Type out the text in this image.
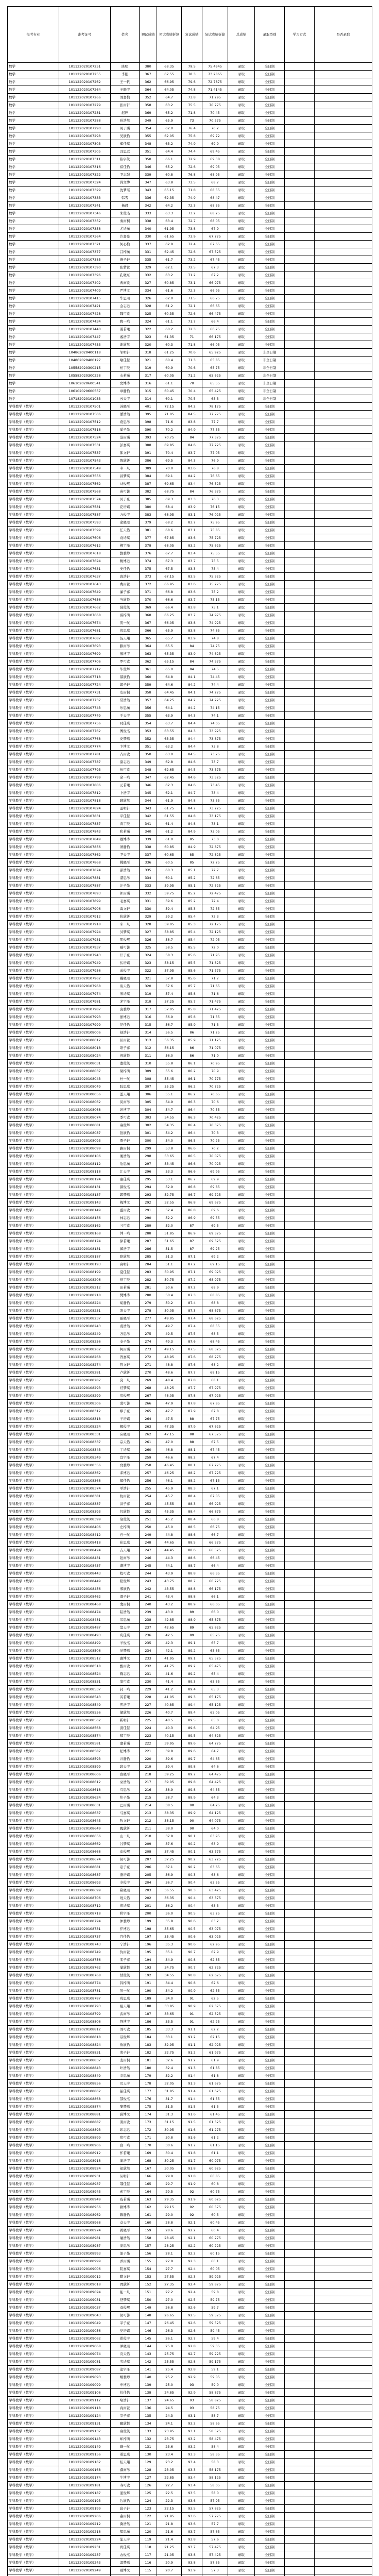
报考专业	准考证号	姓名	初试成绩	初试成绩折算	复试成绩	复试成绩折算	总成绩	录取类别	学习方式	是否录取
数学	101122020107251	陈明	380	68.35	79.5	75.4945	录取	全日制		
数学	101122020107255	李阳	367	67.55	78.3	73.2865	录取	全日制		
数学	101122020107262	王一帆	362	66.95	79.6	72.7875	录取	全日制		
数学	101122020107264	王晓宇	364	64.05	74.8	71.4145	录取	全日制		
数学	101122020107266	刘嘉怡	352	64.7	73.8	71.295	录取	全日制		
数学	101122020107279	张雨轩	358	63.2	75.5	70.775	录取	全日制		
数学	101122020107281	赵婷	369	65.2	71.8	70.45	录取	全日制		
数学	101122020107288	孙浩然	349	65.9	73	70.275	录取	全日制		
数学	101122020107290	周子涵	354	62.0	76.4	70.2	录取	全日制		
数学	101122020107298	吴欣怡	355	62.05	75.8	69.72	录取	全日制		
数学	101122020107303	郑佳琪	348	63.2	74.9	69.9	录取	全日制		
数学	101122020107305	冯思远	351	64.4	74.4	69.45	录取	全日制		
数学	101122020107311	陈宇航	350	66.1	72.9	69.38	录取	全日制		
数学	101122020107316	褚佳怡	346	65.2	72.6	69.05	录取	全日制		
数学	101122020107322	卫志强	339	60.8	76.8	68.95	录取	全日制		
数学	101122020107324	蒋文博	347	63.8	73.5	68.7	录取	全日制		
数学	101122020107329	沈梦瑶	343	65.15	71.8	68.55	录取	全日制		
数学	101122020107333	韩雪	336	62.35	74.9	68.47	录取	全日制		
数学	101122020107341	杨晨	342	64.2	72.3	68.35	录取	全日制		
数学	101122020107346	朱俊杰	333	63.3	73.2	68.25	录取	全日制		
数学	101122020107352	秦雨桐	338	63.4	72.7	68.05	录取	全日制		
数学	101122020107358	尤诗涵	340	61.95	73.8	67.9	录取	全日制		
数学	101122020107364	许嘉豪	330	61.65	73.9	67.775	录取	全日制		
数学	101122020107371	何心怡	337	62.9	72.4	67.65	录取	全日制		
数学	101122020107377	吕梓涵	331	62.45	72.6	67.525	录取	全日制		
数学	101122020107385	施子轩	335	61.7	73.2	67.45	录取	全日制		
数学	101122020107390	张紫萱	329	62.1	72.5	67.3	录取	全日制		
数学	101122020107396	孔晓东	332	63.2	71.2	67.2	录取	全日制		
数学	101122020107402	曹雨欣	327	60.85	73.1	66.975	录取	全日制		
数学	101122020107409	严博文	334	61.6	72.3	66.95	录取	全日制		
数学	101122020107415	华思雨	326	62.0	71.5	66.75	录取	全日制		
数学	101122020107421	金志远	328	61.2	72.1	66.65	录取	全日制		
数学	101122020107428	魏可欣	325	60.35	72.6	66.475	录取	全日制		
数学	101122020107434	陶一鸣	324	61.1	71.7	66.4	录取	全日制		
数学	101122020107440	姜若曦	322	60.2	72.3	66.25	录取	全日制		
数学	101122020107447	戚浩宇	323	61.35	71	66.175	录取	全日制		
数学	101122020107453	谢欣然	320	60.3	71.8	66.05	录取	全日制		
数学	104862020400118	邹明轩	318	61.25	70.6	65.925	录取	非全日制		
数学	104862020400127	喻佳慧	321	60.4	71.3	65.85	录取	非全日制		
数学	105582020300215	柏宇辰	319	60.9	70.6	65.75	录取	非全日制		
数学	105582020300228	水若涵	317	60.05	71.2	65.625	录取	非全日制		
数学	106102020600541	窦博涛	316	61.1	70	65.55	录取	非全日制		
数学	106102020600557	章静怡	315	60.45	70.4	65.425	录取	非全日制		
数学	107182020101033	云天宇	314	60.1	70.5	65.3	录取	非全日制		
学科教学（数学）	101122020107501	苏晓彤	401	72.15	84.2	78.175	录取	全日制		
学科教学（数学）	101122020107506	潘浩然	395	71.05	84.5	77.775	录取	全日制		
学科教学（数学）	101122020107512	葛思彤	398	71.6	83.8	77.7	录取	全日制		
学科教学（数学）	101122020107518	奚子墨	390	70.2	84.9	77.55	录取	全日制		
学科教学（数学）	101122020107524	范雨涵	393	70.75	84	77.375	录取	全日制		
学科教学（数学）	101122020107531	彭嘉琪	388	69.85	84.6	77.225	录取	全日制		
学科教学（数学）	101122020107537	郎文轩	391	70.4	83.7	77.05	录取	全日制		
学科教学（数学）	101122020107543	鲁欣妍	386	69.5	84.3	76.9	录取	全日制		
学科教学（数学）	101122020107549	韦一凡	389	70.0	83.6	76.8	录取	全日制		
学科教学（数学）	101122020107556	昌梦琪	384	69.1	84.2	76.65	录取	全日制		
学科教学（数学）	101122020107562	马俊熙	387	69.65	83.4	76.525	录取	全日制		
学科教学（数学）	101122020107568	苗可馨	382	68.75	84	76.375	录取	全日制		
学科教学（数学）	101122020107574	凤子豪	385	69.3	83.3	76.3	录取	全日制		
学科教学（数学）	101122020107581	花语嫣	380	68.4	83.9	76.15	录取	全日制		
学科教学（数学）	101122020107587	方俊宇	383	68.95	83.1	76.025	录取	全日制		
学科教学（数学）	101122020107593	俞晓雯	379	68.2	83.7	75.95	录取	全日制		
学科教学（数学）	101122020107599	任天佑	381	68.6	83.1	75.85	录取	全日制		
学科教学（数学）	101122020107606	袁诗琪	377	67.85	83.6	75.725	录取	全日制		
学科教学（数学）	101122020107612	柳宇泽	378	68.05	83.2	75.625	录取	全日制		
学科教学（数学）	101122020107618	酆雅婷	376	67.7	83.4	75.55	录取	全日制		
学科教学（数学）	101122020107624	鲍博远	374	67.3	83.7	75.5	录取	全日制		
学科教学（数学）	101122020107631	史佳怡	375	67.5	83.3	75.4	录取	全日制		
学科教学（数学）	101122020107637	唐浩轩	373	67.15	83.5	75.325	录取	全日制		
学科教学（数学）	101122020107643	费雨萱	372	66.95	83.6	75.275	录取	全日制		
学科教学（数学）	101122020107649	廉子骞	371	66.8	83.6	75.2	录取	全日制		
学科教学（数学）	101122020107656	岑欣悦	370	66.6	83.7	75.15	录取	全日制		
学科教学（数学）	101122020107662	薛俊凯	369	66.4	83.8	75.1	录取	全日制		
学科教学（数学）	101122020107668	雷梓萌	368	66.25	83.7	74.975	录取	全日制		
学科教学（数学）	101122020107674	贺一航	367	66.05	83.8	74.925	录取	全日制		
学科教学（数学）	101122020107681	倪思琪	366	65.9	83.8	74.85	录取	全日制		
学科教学（数学）	101122020107687	汤天翔	365	65.7	83.9	74.8	录取	全日制		
学科教学（数学）	101122020107693	滕雨彤	364	65.5	84	74.75	录取	全日制		
学科教学（数学）	101122020107699	殷博宇	363	65.35	83.9	74.625	录取	全日制		
学科教学（数学）	101122020107706	罗可欣	362	65.15	84	74.575	录取	全日制		
学科教学（数学）	101122020107712	毕俊辉	361	65.0	84	74.5	录取	全日制		
学科教学（数学）	101122020107718	郝欣怡	360	64.8	84.1	74.45	录取	全日制		
学科教学（数学）	101122020107724	邬子轩	359	64.6	84.2	74.4	录取	全日制		
学科教学（数学）	101122020107731	安雨桐	358	64.45	84.1	74.275	录取	全日制		
学科教学（数学）	101122020107737	常浩然	357	64.25	84.2	74.225	录取	全日制		
学科教学（数学）	101122020107743	乐思涵	356	64.1	84.2	74.15	录取	全日制		
学科教学（数学）	101122020107749	于天宇	355	63.9	84.3	74.1	录取	全日制		
学科教学（数学）	101122020107756	时佳琪	354	63.7	84.4	74.05	录取	全日制		
学科教学（数学）	101122020107762	傅俊杰	353	63.55	84.3	73.925	录取	全日制		
学科教学（数学）	101122020107768	皮梦瑶	352	63.35	84.4	73.875	录取	全日制		
学科教学（数学）	101122020107774	卞博文	351	63.2	84.4	73.8	录取	全日制		
学科教学（数学）	101122020107781	齐雨欣	350	63.0	84.5	73.75	录取	全日制		
学科教学（数学）	101122020107787	康志远	349	62.8	84.6	73.7	录取	全日制		
学科教学（数学）	101122020107793	伍可欣	348	62.65	84.5	73.575	录取	全日制		
学科教学（数学）	101122020107799	余一鸣	347	62.45	84.6	73.525	录取	全日制		
学科教学（数学）	101122020107806	元若曦	346	62.3	84.6	73.45	录取	全日制		
学科教学（数学）	101122020107812	卜浩宇	345	62.1	84.7	73.4	录取	全日制		
学科教学（数学）	101122020107818	顾欣然	344	61.9	84.8	73.35	录取	全日制		
学科教学（数学）	101122020107824	孟明轩	343	61.75	84.7	73.225	录取	全日制		
学科教学（数学）	101122020107831	平佳慧	342	61.55	84.8	73.175	录取	全日制		
学科教学（数学）	101122020107837	黄宇辰	341	61.4	84.8	73.1	录取	全日制		
学科教学（数学）	101122020107843	和若涵	340	61.2	84.9	73.05	录取	全日制		
学科教学（数学）	101122020107849	穆博涛	339	61.0	85	73.0	录取	全日制		
学科教学（数学）	101122020107856	萧静怡	338	60.85	84.9	72.875	录取	全日制		
学科教学（数学）	101122020107862	尹天宇	337	60.65	85	72.825	录取	全日制		
学科教学（数学）	101122020107868	姚晓彤	336	60.5	85	72.75	录取	全日制		
学科教学（数学）	101122020107874	邵浩然	335	60.3	85.1	72.7	录取	全日制		
学科教学（数学）	101122020107881	湛思彤	334	60.1	85.2	72.65	录取	全日制		
学科教学（数学）	101122020107887	汪子墨	333	59.95	85.1	72.525	录取	全日制		
学科教学（数学）	101122020107893	祁雨涵	332	59.75	85.2	72.475	录取	全日制		
学科教学（数学）	101122020107899	毛嘉琪	331	59.6	85.2	72.4	录取	全日制		
学科教学（数学）	101122020107906	禹文轩	330	59.4	85.3	72.35	录取	全日制		
学科教学（数学）	101122020107912	狄欣妍	329	59.2	85.4	72.3	录取	全日制		
学科教学（数学）	101122020107918	米一凡	328	59.05	85.3	72.175	录取	全日制		
学科教学（数学）	101122020107924	贝梦琪	327	58.85	85.4	72.125	录取	全日制		
学科教学（数学）	101122020107931	明俊熙	326	58.7	85.4	72.05	录取	全日制		
学科教学（数学）	101122020107937	臧可馨	325	58.5	85.5	72.0	录取	全日制		
学科教学（数学）	101122020107943	计子豪	324	58.3	85.6	71.95	录取	全日制		
学科教学（数学）	101122020107949	伏语嫣	323	58.15	85.5	71.825	录取	全日制		
学科教学（数学）	101122020107956	成俊宇	322	57.95	85.6	71.775	录取	全日制		
学科教学（数学）	101122020107962	戴晓雯	321	57.8	85.6	71.7	录取	全日制		
学科教学（数学）	101122020107968	谈天佑	320	57.6	85.7	71.65	录取	全日制		
学科教学（数学）	101122020107974	宋诗琪	319	57.4	85.8	71.6	录取	全日制		
学科教学（数学）	101122020107981	茅宇泽	318	57.25	85.7	71.475	录取	全日制		
学科教学（数学）	101122020107987	庞雅婷	317	57.05	85.8	71.425	录取	全日制		
学科教学（数学）	101122020107993	熊博远	316	56.9	85.8	71.35	录取	全日制		
学科教学（数学）	101122020107999	纪佳怡	315	56.7	85.9	71.3	录取	全日制		
学科教学（数学）	101122020108006	舒浩轩	314	56.5	86	71.25	录取	全日制		
学科教学（数学）	101122020108012	屈雨萱	313	56.35	85.9	71.125	录取	全日制		
学科教学（数学）	101122020108018	项子骞	312	56.15	86	71.075	录取	全日制		
学科教学（数学）	101122020108024	祝欣悦	311	56.0	86	71.0	录取	全日制		
学科教学（数学）	101122020108031	董俊凯	310	55.8	86.1	70.95	录取	全日制		
学科教学（数学）	101122020108037	梁梓萌	309	55.6	86.2	70.9	录取	全日制		
学科教学（数学）	101122020108043	杜一航	308	55.45	86.1	70.775	录取	全日制		
学科教学（数学）	101122020108049	阮思琪	307	55.25	86.2	70.725	录取	全日制		
学科教学（数学）	101122020108056	蓝天翔	306	55.1	86.2	70.65	录取	全日制		
学科教学（数学）	101122020108062	闵雨彤	305	54.9	86.3	70.6	录取	全日制		
学科教学（数学）	101122020108068	席博宇	304	54.7	86.4	70.55	录取	全日制		
学科教学（数学）	101122020108074	季可欣	303	54.55	86.3	70.425	录取	全日制		
学科教学（数学）	101122020108081	麻俊辉	302	54.35	86.4	70.375	录取	全日制		
学科教学（数学）	101122020108087	强欣怡	301	54.2	86.4	70.3	录取	全日制		
学科教学（数学）	101122020108093	贾子轩	300	54.0	86.5	70.25	录取	全日制		
学科教学（数学）	101122020108099	路雨桐	299	53.8	86.6	70.2	录取	全日制		
学科教学（数学）	101122020108106	娄浩然	298	53.65	86.5	70.075	录取	全日制		
学科教学（数学）	101122020108112	危思涵	297	53.45	86.6	70.025	录取	全日制		
学科教学（数学）	101122020108118	江天宇	296	53.3	86.6	69.95	录取	全日制		
学科教学（数学）	101122020108124	童佳琪	295	53.1	86.7	69.9	录取	全日制		
学科教学（数学）	101122020108131	颜俊杰	294	52.9	86.8	69.85	录取	全日制		
学科教学（数学）	101122020108137	郭梦瑶	293	52.75	86.7	69.725	录取	全日制		
学科教学（数学）	101122020108143	梅博文	292	52.55	86.8	69.675	录取	全日制		
学科教学（数学）	101122020108149	盛雨欣	291	52.4	86.8	69.6	录取	全日制		
学科教学（数学）	101122020108156	林志远	290	52.2	86.9	69.55	录取	全日制		
学科教学（数学）	101122020108162	刁可欣	289	52.0	87	69.5	录取	全日制		
学科教学（数学）	101122020108168	钟一鸣	288	51.85	86.9	69.375	录取	全日制		
学科教学（数学）	101122020108174	徐若曦	287	51.65	87	69.325	录取	全日制		
学科教学（数学）	101122020108181	邱浩宇	286	51.5	87	69.25	录取	全日制		
学科教学（数学）	101122020108187	骆欣然	285	51.3	87.1	69.2	录取	全日制		
学科教学（数学）	101122020108193	高明轩	284	51.1	87.2	69.15	录取	全日制		
学科教学（数学）	101122020108199	夏佳慧	283	50.95	87.1	69.025	录取	全日制		
学科教学（数学）	101122020108206	蔡宇辰	282	50.75	87.2	68.975	录取	全日制		
学科教学（数学）	101122020108212	田若涵	281	50.6	87.2	68.9	录取	全日制		
学科教学（数学）	101122020108218	樊博涛	280	50.4	87.3	68.85	录取	全日制		
学科教学（数学）	101122020108224	胡静怡	279	50.2	87.4	68.8	录取	全日制		
学科教学（数学）	101122020108231	凌天宇	278	50.05	87.3	68.675	录取	全日制		
学科教学（数学）	101122020108237	霍晓彤	277	49.85	87.4	68.625	录取	全日制		
学科教学（数学）	101122020108243	虞浩然	276	49.7	87.4	68.55	录取	全日制		
学科教学（数学）	101122020108249	万思彤	275	49.5	87.5	68.5	录取	全日制		
学科教学（数学）	101122020108256	支子墨	274	49.3	87.6	68.45	录取	全日制		
学科教学（数学）	101122020108262	柯雨涵	273	49.15	87.5	68.325	录取	全日制		
学科教学（数学）	101122020108268	昝嘉琪	272	48.95	87.6	68.275	录取	全日制		
学科教学（数学）	101122020108274	管文轩	271	48.8	87.6	68.2	录取	全日制		
学科教学（数学）	101122020108281	卢欣妍	270	48.6	87.7	68.15	录取	全日制		
学科教学（数学）	101122020108287	莫一凡	269	48.4	87.8	68.1	录取	全日制		
学科教学（数学）	101122020108293	经梦琪	268	48.25	87.7	67.975	录取	全日制		
学科教学（数学）	101122020108299	房俊熙	267	48.05	87.8	67.925	录取	全日制		
学科教学（数学）	101122020108306	裘可馨	266	47.9	87.8	67.85	录取	全日制		
学科教学（数学）	101122020108312	缪子豪	265	47.7	87.9	67.8	录取	全日制		
学科教学（数学）	101122020108318	干语嫣	264	47.5	88	67.75	录取	全日制		
学科教学（数学）	101122020108324	解俊宇	263	47.35	87.9	67.625	录取	全日制		
学科教学（数学）	101122020108331	应晓雯	262	47.15	88	67.575	录取	全日制		
学科教学（数学）	101122020108337	宗天佑	261	47.0	88	67.5	录取	全日制		
学科教学（数学）	101122020108343	丁诗琪	260	46.8	88.1	67.45	录取	全日制		
学科教学（数学）	101122020108349	宣宇泽	259	46.6	88.2	67.4	录取	全日制		
学科教学（数学）	101122020108356	贲雅婷	258	46.45	88.1	67.275	录取	全日制		
学科教学（数学）	101122020108362	邓博远	257	46.25	88.2	67.225	录取	全日制		
学科教学（数学）	101122020108368	郁佳怡	256	46.1	88.2	67.15	录取	全日制		
学科教学（数学）	101122020108374	单浩轩	255	45.9	88.3	67.1	录取	全日制		
学科教学（数学）	101122020108381	杭雨萱	254	45.7	88.4	67.05	录取	全日制		
学科教学（数学）	101122020108387	洪子骞	253	45.55	88.3	66.925	录取	全日制		
学科教学（数学）	101122020108393	包欣悦	252	45.35	88.4	66.875	录取	全日制		
学科教学（数学）	101122020108399	诸俊凯	251	45.2	88.4	66.8	录取	全日制		
学科教学（数学）	101122020108406	左梓萌	250	45.0	88.5	66.75	录取	全日制		
学科教学（数学）	101122020108412	石一航	249	44.8	88.6	66.7	录取	全日制		
学科教学（数学）	101122020108418	崔思琪	248	44.65	88.5	66.575	录取	全日制		
学科教学（数学）	101122020108424	吉天翔	247	44.45	88.6	66.525	录取	全日制		
学科教学（数学）	101122020108431	钮雨彤	246	44.3	88.6	66.45	录取	全日制		
学科教学（数学）	101122020108437	龚博宇	245	44.1	88.7	66.4	录取	全日制		
学科教学（数学）	101122020108443	程可欣	244	43.9	88.8	66.35	录取	全日制		
学科教学（数学）	101122020108449	嵇俊辉	243	43.75	88.7	66.225	录取	全日制		
学科教学（数学）	101122020108456	邢欣怡	242	43.55	88.8	66.175	录取	全日制		
学科教学（数学）	101122020108462	滑子轩	241	43.4	88.8	66.1	录取	全日制		
学科教学（数学）	101122020108468	裴雨桐	240	43.2	88.9	66.05	录取	全日制		
学科教学（数学）	101122020108474	陆浩然	239	43.0	89	66.0	录取	全日制		
学科教学（数学）	101122020108481	荣思涵	238	42.85	88.9	65.875	录取	全日制		
学科教学（数学）	101122020108487	翁天宇	237	42.65	89	65.825	录取	全日制		
学科教学（数学）	101122020108493	荀佳琪	236	42.5	89	65.75	录取	全日制		
学科教学（数学）	101122020108499	羊俊杰	235	42.3	89.1	65.7	录取	全日制		
学科教学（数学）	101122020108506	於梦瑶	234	42.1	89.2	65.65	录取	全日制		
学科教学（数学）	101122020108512	惠博文	233	41.95	89.1	65.525	录取	全日制		
学科教学（数学）	101122020108518	甄雨欣	232	41.75	89.2	65.475	录取	全日制		
学科教学（数学）	101122020108524	麴志远	231	41.6	89.2	65.4	录取	全日制		
学科教学（数学）	101122020108531	家可欣	230	41.4	89.3	65.35	录取	全日制		
学科教学（数学）	101122020108537	封一鸣	229	41.2	89.4	65.3	录取	全日制		
学科教学（数学）	101122020108543	芮若曦	228	41.05	89.3	65.175	录取	全日制		
学科教学（数学）	101122020108549	羿浩宇	227	40.85	89.4	65.125	录取	全日制		
学科教学（数学）	101122020108556	储欣然	226	40.7	89.4	65.05	录取	全日制		
学科教学（数学）	101122020108562	靳明轩	225	40.5	89.5	65.0	录取	全日制		
学科教学（数学）	101122020108568	汲佳慧	224	40.3	89.6	64.95	录取	全日制		
学科教学（数学）	101122020108574	邴宇辰	223	40.15	89.5	64.825	录取	全日制		
学科教学（数学）	101122020108581	糜若涵	222	39.95	89.6	64.775	录取	全日制		
学科教学（数学）	101122020108587	松博涛	221	39.8	89.6	64.7	录取	全日制		
学科教学（数学）	101122020108593	井静怡	220	39.6	89.7	64.65	录取	全日制		
学科教学（数学）	101122020108599	段天宇	219	39.4	89.8	64.6	录取	全日制		
学科教学（数学）	101122020108606	富晓彤	218	39.25	89.7	64.475	录取	全日制		
学科教学（数学）	101122020108612	巫浩然	217	39.05	89.8	64.425	录取	全日制		
学科教学（数学）	101122020108618	乌思彤	216	38.9	89.8	64.35	录取	全日制		
学科教学（数学）	101122020108624	焦子墨	215	38.7	89.9	64.3	录取	全日制		
学科教学（数学）	101122020108631	巴雨涵	214	38.5	90	64.25	录取	全日制		
学科教学（数学）	101122020108637	弓嘉琪	213	38.35	89.9	64.125	录取	全日制		
学科教学（数学）	101122020108643	牧文轩	212	38.15	90	64.075	录取	全日制		
学科教学（数学）	101122020108649	隗欣妍	211	38.0	90	64.0	录取	全日制		
学科教学（数学）	101122020108656	山一凡	210	37.8	90.1	63.95	录取	全日制		
学科教学（数学）	101122020108662	谷梦琪	209	37.6	90.2	63.9	录取	全日制		
学科教学（数学）	101122020108668	车俊熙	208	37.45	90.1	63.775	录取	全日制		
学科教学（数学）	101122020108674	侯可馨	207	37.25	90.2	63.725	录取	全日制		
学科教学（数学）	101122020108681	宓子豪	206	37.1	90.2	63.65	录取	全日制		
学科教学（数学）	101122020108687	蓬语嫣	205	36.9	90.3	63.6	录取	全日制		
学科教学（数学）	101122020108693	全俊宇	204	36.7	90.4	63.55	录取	全日制		
学科教学（数学）	101122020108699	郗晓雯	203	36.55	90.3	63.425	录取	全日制		
学科教学（数学）	101122020108706	班天佑	202	36.35	90.4	63.375	录取	全日制		
学科教学（数学）	101122020108712	仰诗琪	201	36.2	90.4	63.3	录取	全日制		
学科教学（数学）	101122020108718	秋宇泽	200	36.0	90.5	63.25	录取	全日制		
学科教学（数学）	101122020108724	仲雅婷	199	35.8	90.6	63.2	录取	全日制		
学科教学（数学）	101122020108731	伊博远	198	35.65	90.5	63.075	录取	全日制		
学科教学（数学）	101122020108737	宫佳怡	197	35.45	90.6	63.025	录取	全日制		
学科教学（数学）	101122020108743	宁浩轩	196	35.3	90.6	62.95	录取	全日制		
学科教学（数学）	101122020108749	仇雨萱	195	35.1	90.7	62.9	录取	全日制		
学科教学（数学）	101122020108756	栾子骞	194	34.9	90.8	62.85	录取	全日制		
学科教学（数学）	101122020108762	暴欣悦	193	34.75	90.7	62.725	录取	全日制		
学科教学（数学）	101122020108768	甘俊凯	192	34.55	90.8	62.675	录取	全日制		
学科教学（数学）	101122020108774	钭梓萌	191	34.4	90.8	62.6	录取	全日制		
学科教学（数学）	101122020108781	厉一航	190	34.2	90.9	62.55	录取	全日制		
学科教学（数学）	101122020108787	戎思琪	189	34.0	91	62.5	录取	全日制		
学科教学（数学）	101122020108793	祖天翔	188	33.85	90.9	62.375	录取	全日制		
学科教学（数学）	101122020108799	武雨彤	187	33.65	91	62.325	录取	全日制		
学科教学（数学）	101122020108806	符博宇	186	33.5	91	62.25	录取	全日制		
学科教学（数学）	101122020108812	刘可欣	185	33.3	91.1	62.2	录取	全日制		
学科教学（数学）	101122020108818	景俊辉	184	33.1	91.2	62.15	录取	全日制		
学科教学（数学）	101122020108824	詹欣怡	183	32.95	91.1	62.025	录取	全日制		
学科教学（数学）	101122020108831	束子轩	182	32.75	91.2	61.975	录取	全日制		
学科教学（数学）	101122020108837	龙雨桐	181	32.6	91.2	61.9	录取	全日制		
学科教学（数学）	101122020108843	叶浩然	180	32.4	91.3	61.85	录取	全日制		
学科教学（数学）	101122020108849	幸思涵	179	32.2	91.4	61.8	录取	全日制		
学科教学（数学）	101122020108856	司天宇	178	32.05	91.3	61.675	录取	全日制		
学科教学（数学）	101122020108862	韶佳琪	177	31.85	91.4	61.625	录取	全日制		
学科教学（数学）	101122020108868	郜俊杰	176	31.7	91.4	61.55	录取	全日制		
学科教学（数学）	101122020108874	黎梦瑶	175	31.5	91.5	61.5	录取	全日制		
学科教学（数学）	101122020108881	蓟博文	174	31.3	91.6	61.45	录取	全日制		
学科教学（数学）	101122020108887	薄雨欣	173	31.15	91.5	61.325	录取	全日制		
学科教学（数学）	101122020108893	印志远	172	30.95	91.6	61.275	录取	全日制		
学科教学（数学）	101122020108899	宿可欣	171	30.8	91.6	61.2	录取	全日制		
学科教学（数学）	101122020108906	白一鸣	170	30.6	91.7	61.15	录取	全日制		
学科教学（数学）	101122020108912	怀若曦	169	30.4	91.8	61.1	录取	全日制		
学科教学（数学）	101122020108918	蒲浩宇	168	30.25	91.7	60.975	录取	全日制		
学科教学（数学）	101122020108924	邰欣然	167	30.05	91.8	60.925	录取	全日制		
学科教学（数学）	101122020108931	从明轩	166	29.9	91.8	60.85	录取	全日制		
学科教学（数学）	101122020108937	鄂佳慧	165	29.7	91.9	60.8	录取	全日制		
学科教学（数学）	101122020108943	索宇辰	164	29.5	92	60.75	录取	全日制		
学科教学（数学）	101122020108949	咸若涵	163	29.35	91.9	60.625	录取	全日制		
学科教学（数学）	101122020108956	籍博涛	162	29.15	92	60.575	录取	全日制		
学科教学（数学）	101122020108962	赖静怡	161	29.0	92	60.5	录取	全日制		
学科教学（数学）	101122020108968	卓天宇	160	28.8	92.1	60.45	录取	全日制		
学科教学（数学）	101122020108974	蔺晓彤	159	28.6	92.2	60.4	录取	全日制		
学科教学（数学）	101122020108981	屠浩然	158	28.45	92.1	60.275	录取	全日制		
学科教学（数学）	101122020108987	蒙思彤	157	28.25	92.2	60.225	录取	全日制		
学科教学（数学）	101122020108993	池子墨	156	28.1	92.2	60.15	录取	全日制		
学科教学（数学）	101122020108999	乔雨涵	155	27.9	92.3	60.1	录取	全日制		
学科教学（数学）	101122020109006	阴嘉琪	154	27.7	92.4	60.05	录取	全日制		
学科教学（数学）	101122020109012	鬱文轩	153	27.55	92.3	59.925	录取	全日制		
学科教学（数学）	101122020109018	胥欣妍	152	27.35	92.4	59.875	录取	全日制		
学科教学（数学）	101122020109024	能一凡	151	27.2	92.4	59.8	录取	全日制		
学科教学（数学）	101122020109031	苍梦琪	150	27.0	92.5	59.75	录取	全日制		
学科教学（数学）	101122020109037	双俊熙	149	26.8	92.6	59.7	录取	全日制		
学科教学（数学）	101122020109043	闻可馨	148	26.65	92.5	59.575	录取	全日制		
学科教学（数学）	101122020109049	莘子豪	147	26.45	92.6	59.525	录取	全日制		
学科教学（数学）	101122020109056	党语嫣	146	26.3	92.6	59.45	录取	全日制		
学科教学（数学）	101122020109062	翟俊宇	145	26.1	92.7	59.4	录取	全日制		
学科教学（数学）	101122020109068	谭晓雯	144	25.9	92.8	59.35	录取	全日制		
学科教学（数学）	101122020109074	贡天佑	143	25.75	92.7	59.225	录取	全日制		
学科教学（数学）	101122020109081	劳诗琪	142	25.55	92.8	59.175	录取	全日制		
学科教学（数学）	101122020109087	逄宇泽	141	25.4	92.8	59.1	录取	全日制		
学科教学（数学）	101122020109093	姬雅婷	140	25.2	92.9	59.05	录取	全日制		
学科教学（数学）	101122020109099	申博远	139	25.0	93	59.0	录取	全日制		
学科教学（数学）	101122020109106	扶佳怡	138	24.85	92.9	58.875	录取	全日制		
学科教学（数学）	101122020109112	堵浩轩	137	24.65	93	58.825	录取	全日制		
学科教学（数学）	101122020109118	冉雨萱	136	24.5	93	58.75	录取	全日制		
学科教学（数学）	101122020109124	宰子骞	135	24.3	93.1	58.7	录取	全日制		
学科教学（数学）	101122020109131	郦欣悦	134	24.1	93.2	58.65	录取	全日制		
学科教学（数学）	101122020109137	雍俊凯	133	23.95	93.1	58.525	录取	全日制		
学科教学（数学）	101122020109143	却梓萌	132	23.75	93.2	58.475	录取	全日制		
学科教学（数学）	101122020109149	璩一航	131	23.6	93.2	58.4	录取	全日制		
学科教学（数学）	101122020109156	桑思琪	130	23.4	93.3	58.35	录取	全日制		
学科教学（数学）	101122020109162	桂天翔	129	23.2	93.4	58.3	录取	全日制		
学科教学（数学）	101122020109168	濮雨彤	128	23.05	93.3	58.175	录取	全日制		
学科教学（数学）	101122020109174	牛博宇	127	22.85	93.4	58.125	录取	全日制		
学科教学（数学）	101122020109181	寿可欣	126	22.7	93.4	58.05	录取	全日制		
学科教学（数学）	101122020109187	通俊辉	125	22.5	93.5	58.0	录取	全日制		
学科教学（数学）	101122020109193	边欣怡	124	22.3	93.6	57.95	录取	全日制		
学科教学（数学）	101122020109199	扈子轩	123	22.15	93.5	57.825	录取	全日制		
学科教学（数学）	101122020109206	燕雨桐	122	21.95	93.6	57.775	录取	全日制		
学科教学（数学）	101122020109212	冀浩然	121	21.8	93.6	57.7	录取	全日制		
学科教学（数学）	101122020109218	郏思涵	120	21.6	93.7	57.65	录取	全日制		
学科教学（数学）	101122020109224	浦天宇	119	21.4	93.8	57.6	录取	全日制		
学科教学（数学）	101122020109231	尚佳琪	118	21.25	93.7	57.475	录取	全日制		
学科教学（数学）	101122020109237	农俊杰	117	21.05	93.8	57.425	录取	全日制		
学科教学（数学）	101122020109243	温梦瑶	116	20.9	93.8	57.35	录取	全日制		
学科教学（数学）	101122020109249	别博文	115	20.7	93.9	57.3	录取	全日制		
